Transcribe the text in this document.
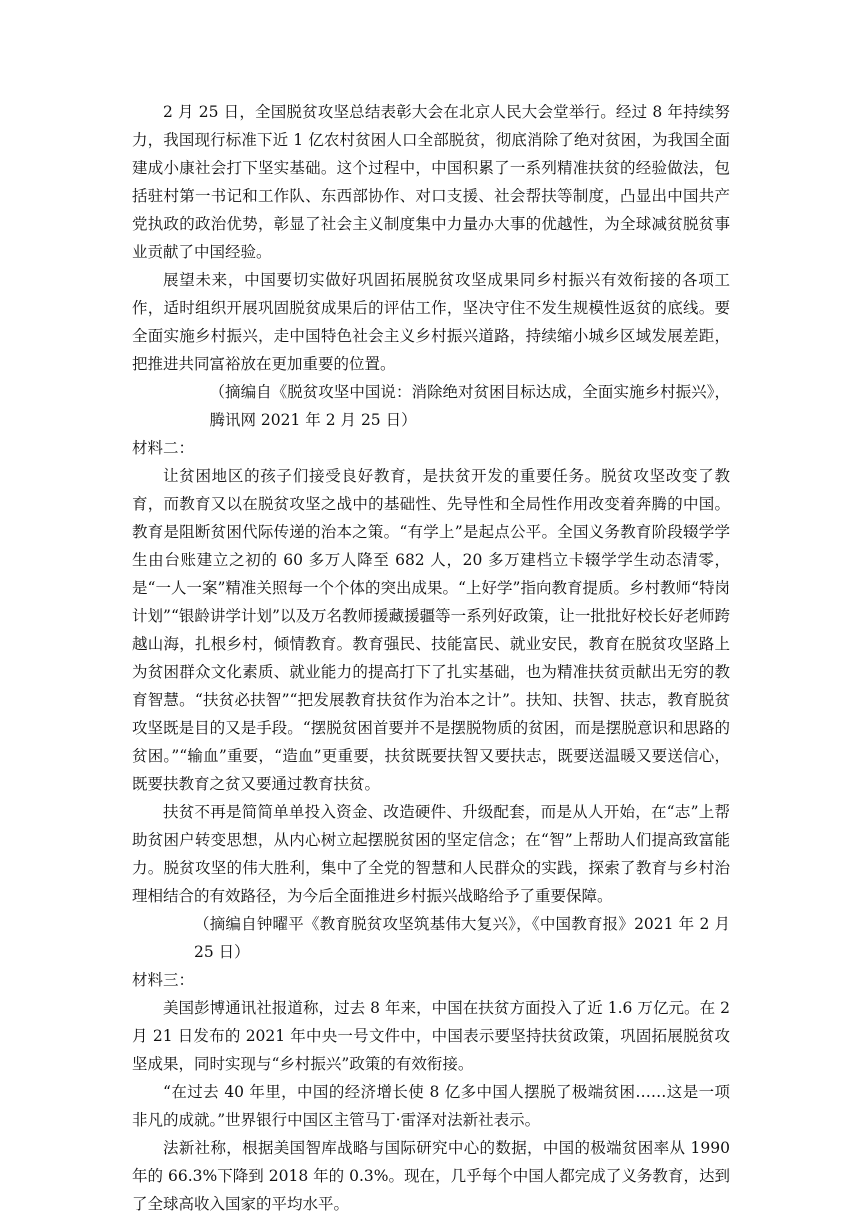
2 月 25 日，全国脱贫攻坚总结表彰大会在北京人民大会堂举行。经过 8 年持续努力，我国现行标准下近 1 亿农村贫困人口全部脱贫，彻底消除了绝对贫困，为我国全面建成小康社会打下坚实基础。这个过程中，中国积累了一系列精准扶贫的经验做法，包括驻村第一书记和工作队、东西部协作、对口支援、社会帮扶等制度，凸显出中国共产党执政的政治优势，彰显了社会主义制度集中力量办大事的优越性，为全球减贫脱贫事业贡献了中国经验。

展望未来，中国要切实做好巩固拓展脱贫攻坚成果同乡村振兴有效衔接的各项工作，适时组织开展巩固脱贫成果后的评估工作，坚决守住不发生规模性返贫的底线。要全面实施乡村振兴，走中国特色社会主义乡村振兴道路，持续缩小城乡区域发展差距，把推进共同富裕放在更加重要的位置。

（摘编自《脱贫攻坚中国说：消除绝对贫困目标达成，全面实施乡村振兴》，腾讯网 2021 年 2 月 25 日）

材料二：

让贫困地区的孩子们接受良好教育，是扶贫开发的重要任务。脱贫攻坚改变了教育，而教育又以在脱贫攻坚之战中的基础性、先导性和全局性作用改变着奔腾的中国。教育是阻断贫困代际传递的治本之策。“有学上”是起点公平。全国义务教育阶段辍学学生由台账建立之初的 60 多万人降至 682 人，20 多万建档立卡辍学学生动态清零，是“一人一案”精准关照每一个个体的突出成果。“上好学”指向教育提质。乡村教师“特岗计划”“银龄讲学计划”以及万名教师援藏援疆等一系列好政策，让一批批好校长好老师跨越山海，扎根乡村，倾情教育。教育强民、技能富民、就业安民，教育在脱贫攻坚路上为贫困群众文化素质、就业能力的提高打下了扎实基础，也为精准扶贫贡献出无穷的教育智慧。“扶贫必扶智”“把发展教育扶贫作为治本之计”。扶知、扶智、扶志，教育脱贫攻坚既是目的又是手段。“摆脱贫困首要并不是摆脱物质的贫困，而是摆脱意识和思路的贫困。”“输血”重要，“造血”更重要，扶贫既要扶智又要扶志，既要送温暖又要送信心，既要扶教育之贫又要通过教育扶贫。

扶贫不再是简简单单投入资金、改造硬件、升级配套，而是从人开始，在“志”上帮助贫困户转变思想，从内心树立起摆脱贫困的坚定信念；在“智”上帮助人们提高致富能力。脱贫攻坚的伟大胜利，集中了全党的智慧和人民群众的实践，探索了教育与乡村治理相结合的有效路径，为今后全面推进乡村振兴战略给予了重要保障。

（摘编自钟曜平《教育脱贫攻坚筑基伟大复兴》，《中国教育报》2021 年 2 月 25 日）

材料三：

美国彭博通讯社报道称，过去 8 年来，中国在扶贫方面投入了近 1.6 万亿元。在 2 月 21 日发布的 2021 年中央一号文件中，中国表示要坚持扶贫政策，巩固拓展脱贫攻坚成果，同时实现与“乡村振兴”政策的有效衔接。

“在过去 40 年里，中国的经济增长使 8 亿多中国人摆脱了极端贫困……这是一项非凡的成就。”世界银行中国区主管马丁·雷泽对法新社表示。

法新社称，根据美国智库战略与国际研究中心的数据，中国的极端贫困率从 1990 年的 66.3%下降到 2018 年的 0.3%。现在，几乎每个中国人都完成了义务教育，达到了全球高收入国家的平均水平。
